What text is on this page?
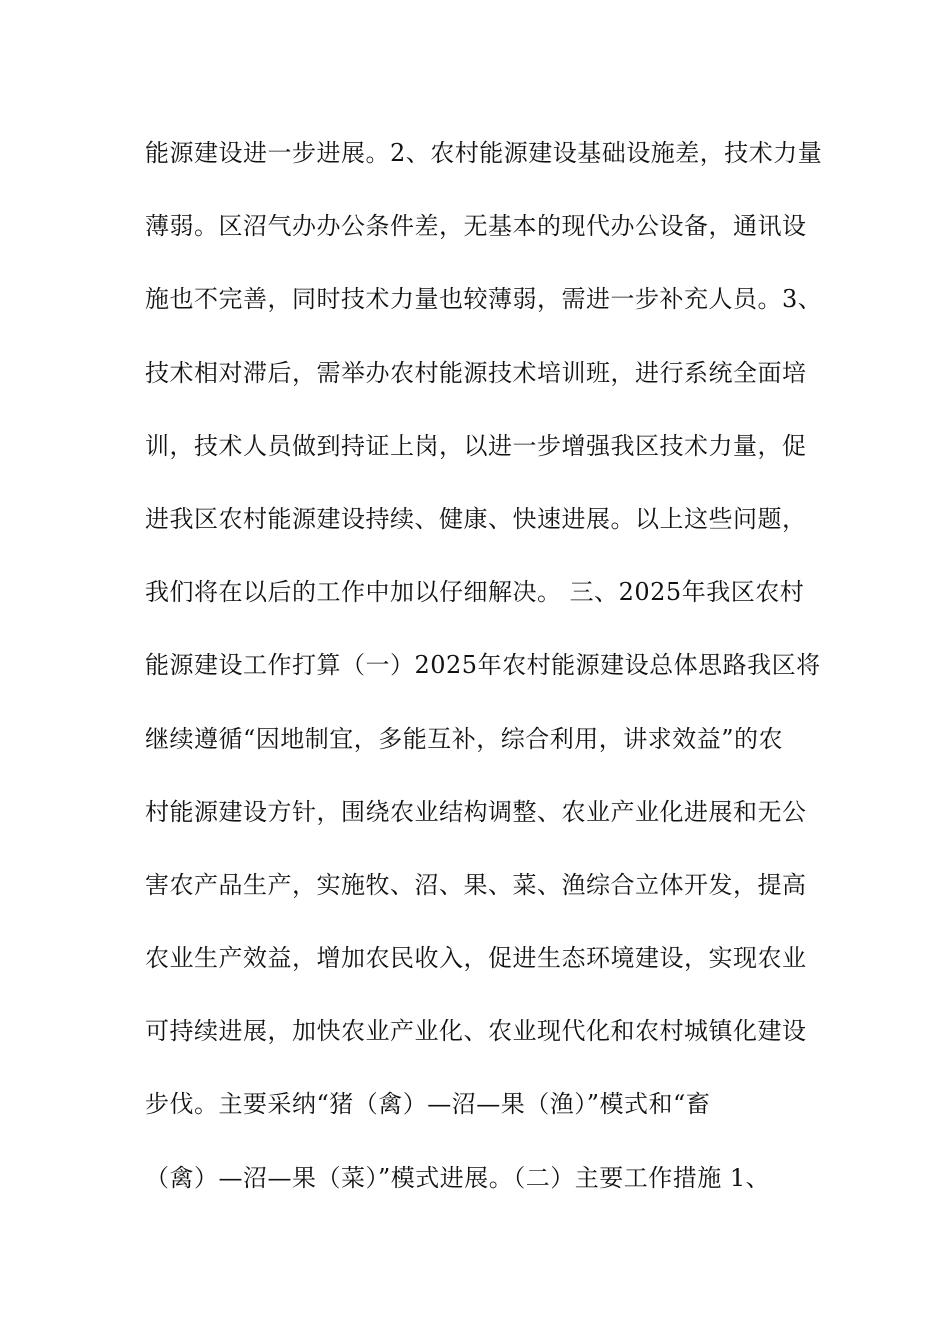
能源建设进一步进展。2、农村能源建设基础设施差，技术力量
薄弱。区沼气办办公条件差，无基本的现代办公设备，通讯设
施也不完善，同时技术力量也较薄弱，需进一步补充人员。3、
技术相对滞后，需举办农村能源技术培训班，进行系统全面培
训，技术人员做到持证上岗，以进一步增强我区技术力量，促
进我区农村能源建设持续、健康、快速进展。以上这些问题，
我们将在以后的工作中加以仔细解决。 三、2025年我区农村
能源建设工作打算（一）2025年农村能源建设总体思路我区将
继续遵循“因地制宜，多能互补，综合利用，讲求效益”的农
村能源建设方针，围绕农业结构调整、农业产业化进展和无公
害农产品生产，实施牧、沼、果、菜、渔综合立体开发，提高
农业生产效益，增加农民收入，促进生态环境建设，实现农业
可持续进展，加快农业产业化、农业现代化和农村城镇化建设
步伐。主要采纳“猪（禽）—沼—果（渔）”模式和“畜
（禽）—沼—果（菜）”模式进展。（二）主要工作措施 1、
